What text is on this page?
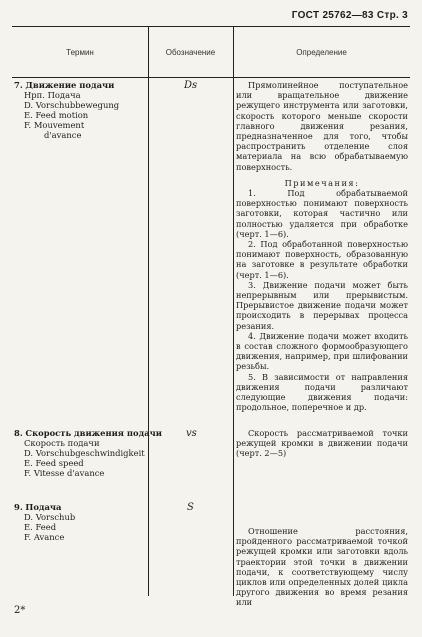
ГОСТ 25762—83 Стр. 3
Термин	Обозначение	Определение
7. Движение подачи
Нрп. Подача
D. Vorschubbewegung
E. Feed motion
F. Mouvement
d'avance
Ds	Прямолинейное поступательное или вращательное движение режущего инструмента или заготовки, скорость которого меньше скорости главного движения резания, предназначенное для того, чтобы распространить отделение слоя материала на всю обрабатываемую поверхность.

Примечания:

1. Под обрабатываемой поверхностью понимают поверхность заготовки, которая частично или полностью удаляется при обработке (черт. 1—6).

2. Под обработанной поверхностью понимают поверхность, образованную на заготовке в результате обработки (черт. 1—6).

3. Движение подачи может быть непрерывным или прерывистым. Прерывистое движение подачи может происходить в перерывах процесса резания.

4. Движение подачи может входить в состав сложного формообразующего движения, например, при шлифовании резьбы.

5. В зависимости от направления движения подачи различают следующие движения подачи: продольное, поперечное и др.

8. Скорость движения подачи
Скорость подачи
D. Vorschubgeschwindigkeit
E. Feed speed
F. Vitesse d'avance
vs	Скорость рассматриваемой точки режущей кромки в движении подачи (черт. 2—5)

9. Подача
D. Vorschub
E. Feed
F. Avance
S

Отношение расстояния, пройденного рассматриваемой точкой режущей кромки или заготовки вдоль траектории этой точки в движении подачи, к соответствующему числу циклов или определенных долей цикла другого движения во время резания или

2*
